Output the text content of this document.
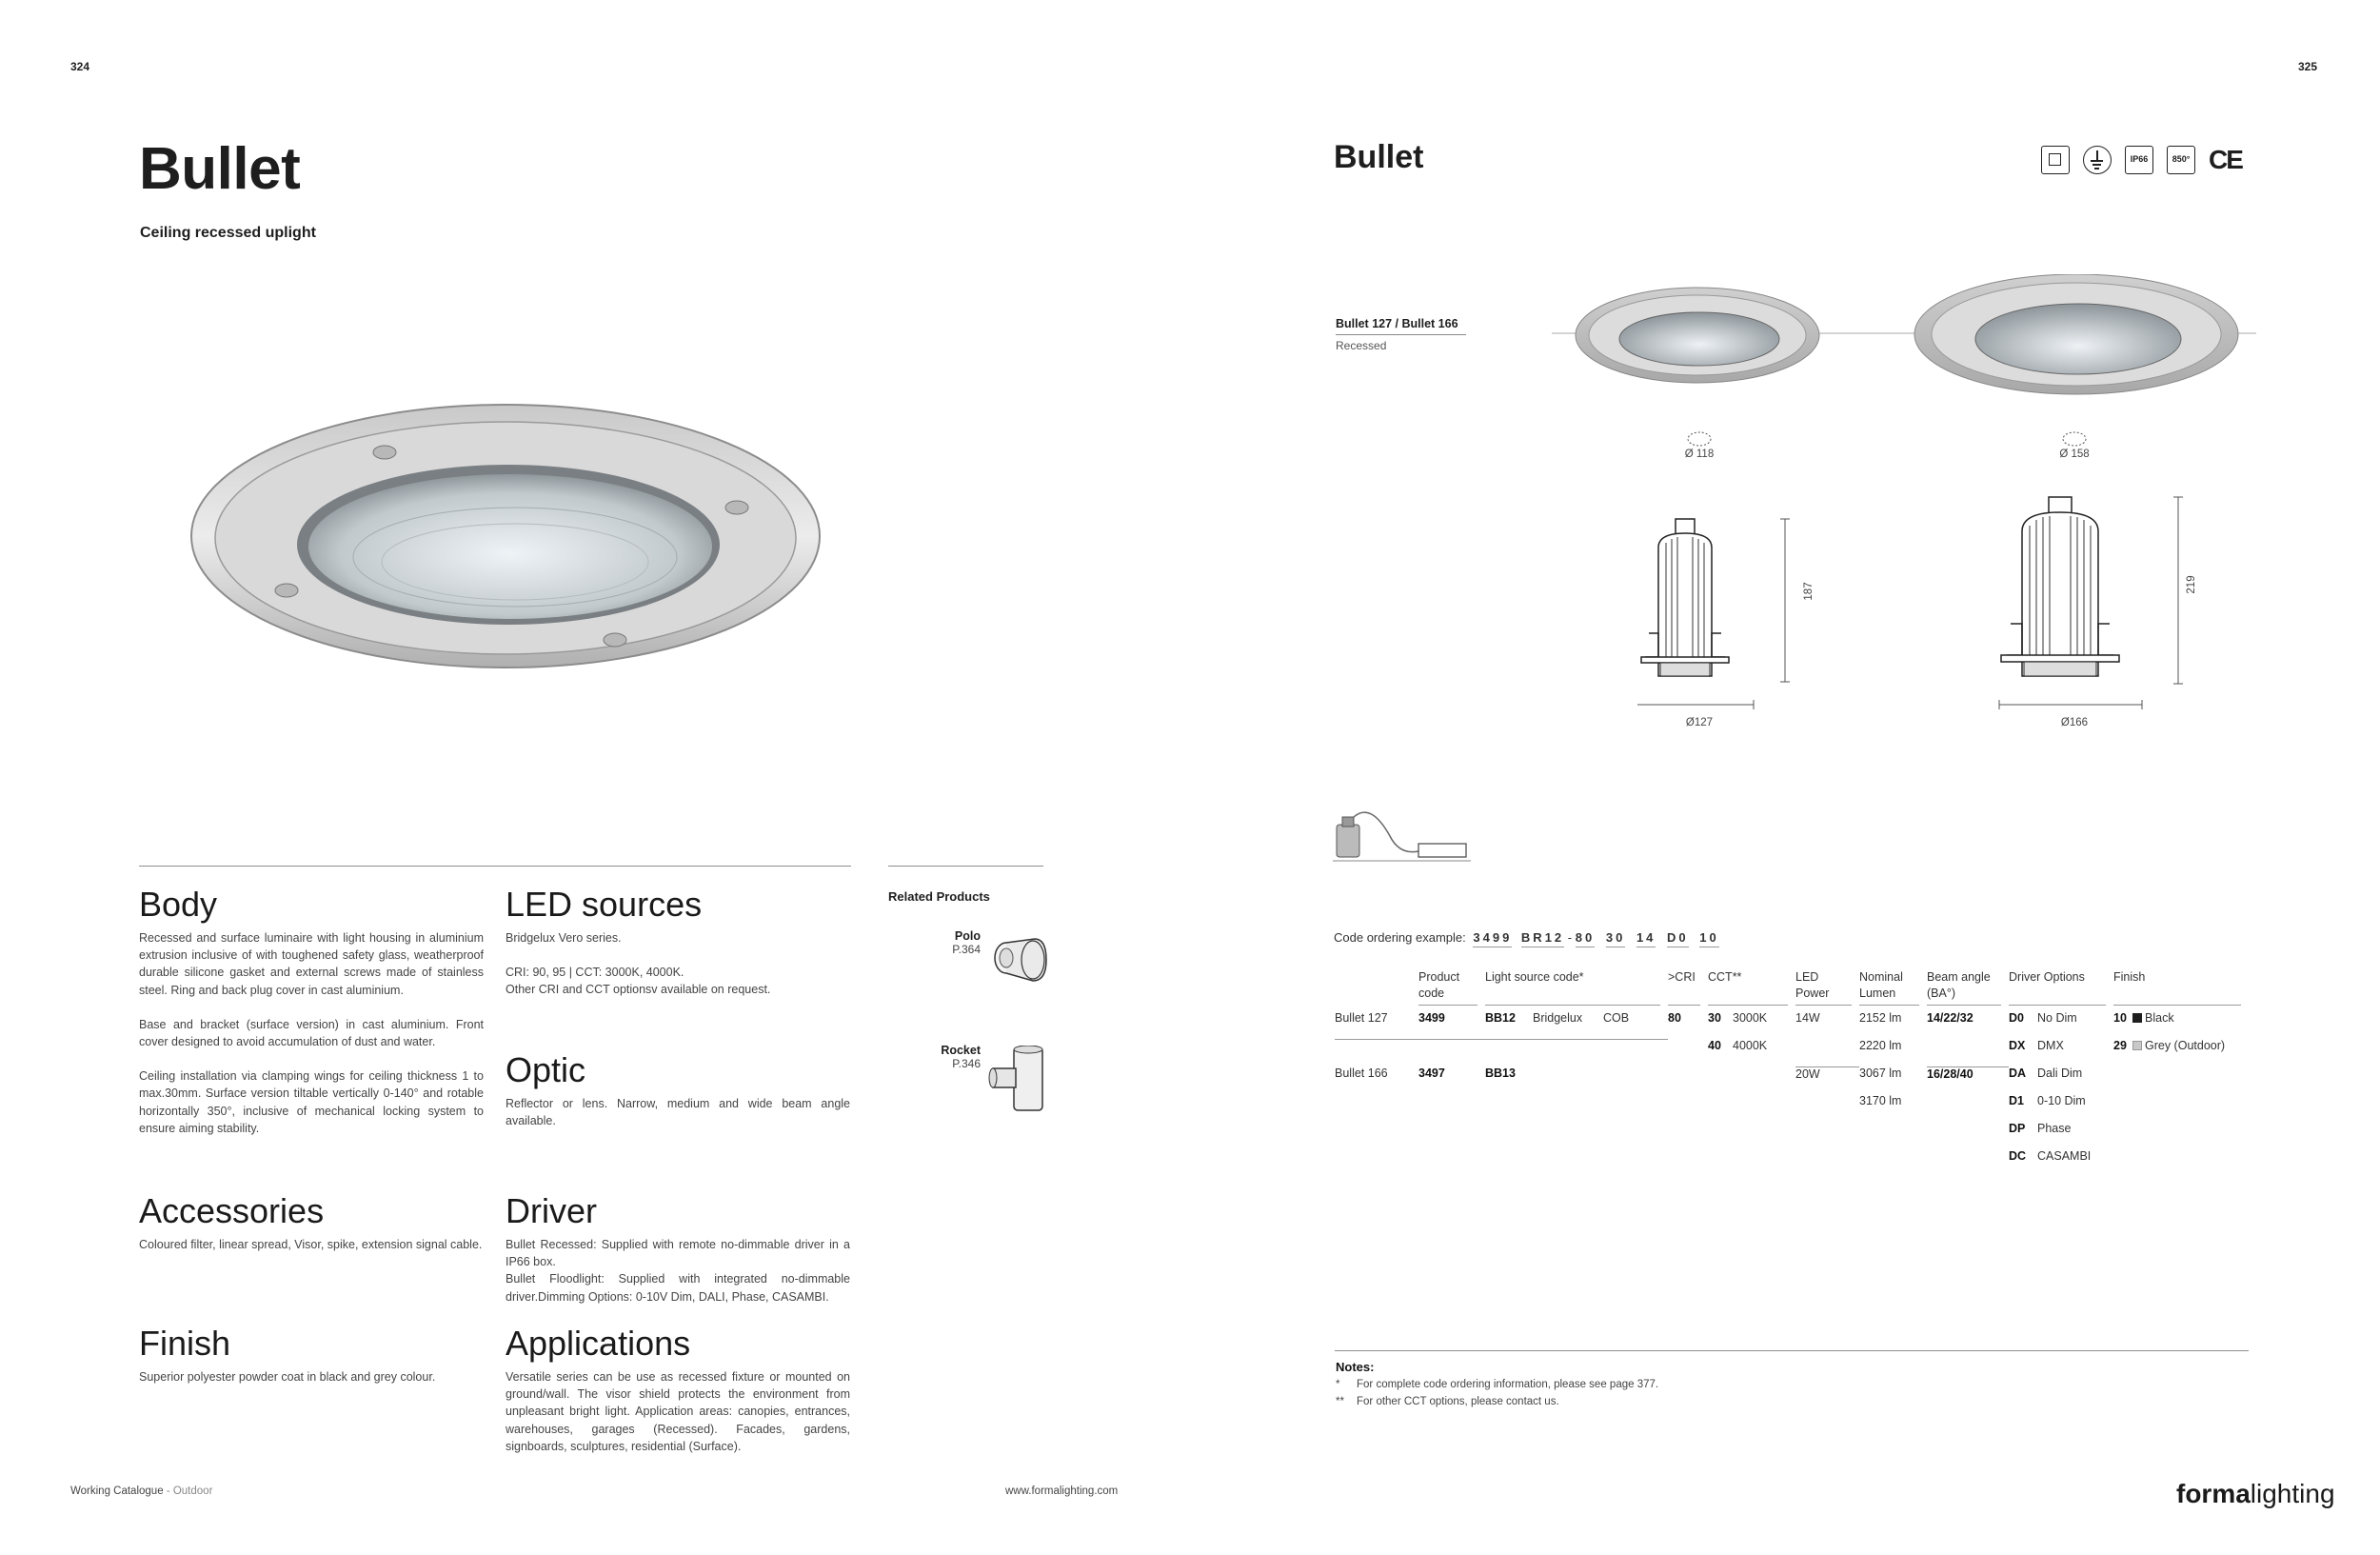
324
Bullet
Ceiling recessed uplight
Body

Recessed and surface luminaire with light housing in aluminium extrusion inclusive of with toughened safety glass, weatherproof durable silicone gasket and external screws made of stainless steel. Ring and back plug cover in cast aluminium.

Base and bracket (surface version) in cast aluminium. Front cover designed to avoid accumulation of dust and water.

Ceiling installation via clamping wings for ceiling thickness 1 to max.30mm. Surface version tiltable vertically 0-140° and rotable horizontally 350°, inclusive of mechanical locking system to ensure aiming stability.

Accessories

Coloured filter, linear spread, Visor, spike, extension signal cable.

Finish

Superior polyester powder coat in black and grey colour.

LED sources

Bridgelux Vero series.

CRI: 90, 95 | CCT: 3000K, 4000K.

Other CRI and CCT optionsv available on request.

Optic

Reflector or lens. Narrow, medium and wide beam angle available.

Driver

Bullet Recessed: Supplied with remote no-dimmable driver in a IP66 box.

Bullet Floodlight: Supplied with integrated no-dimmable driver.Dimming Options: 0-10V Dim, DALI, Phase, CASAMBI.

Applications

Versatile series can be use as recessed fixture or mounted on ground/wall. The visor shield protects the environment from unpleasant bright light. Application areas: canopies, entrances, warehouses, garages (Recessed). Facades, gardens, signboards, sculptures, residential (Surface).

Related Products
Polo
P.364
Rocket
P.346
Working Catalogue - Outdoor	www.formalighting.com
325
Bullet	IP66	850° CE
Bullet 127 / Bullet 166
Recessed
Ø 118	Ø 158
187
Ø127
219
Ø166
Code ordering example: 3499 BR12 - 80 30 14 D0 10

	Product code	Light source code*			>CRI	CCT**		LED Power	Nominal Lumen	Beam angle (BA°)	Driver Options		Finish	

Bullet 127	3499	BB12	Bridgelux	COB	80	30	3000K	14W	2152 lm	14/22/32	D0	No Dim	10	Black
						40	4000K		2220 lm		DX	DMX	29	Grey (Outdoor)
Bullet 166	3497	BB13						20W	3067 lm	16/28/40	DA	Dali Dim		
									3170 lm		D1	0-10 Dim		
											DP	Phase		
											DC	CASAMBI		
Notes:
* For complete code ordering information, please see page 377.
** For other CCT options, please contact us.
formalighting
